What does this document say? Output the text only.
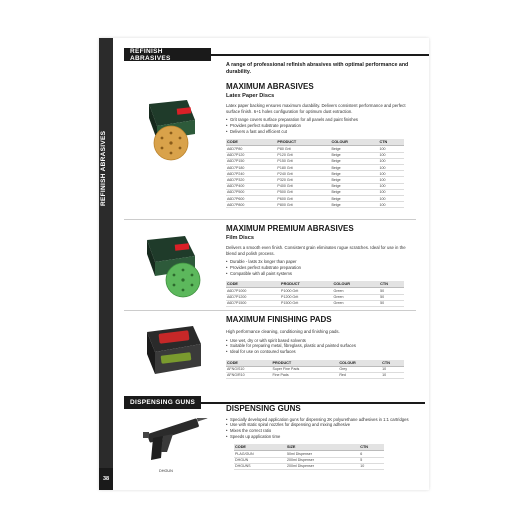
REFINISH ABRASIVES
38
REFINISH ABRASIVES
A range of professional refinish abrasives with optimal performance and durability.
MAXIMUM ABRASIVES
Latex Paper Discs
Latex paper backing ensures maximum durability. Delivers consistent performance and perfect surface finish. 6+1 holes configuration for optimum dust extraction.
• Grit range covers surface preparation for all panels and paint finishes
• Provides perfect substrate preparation
• Delivers a fast and efficient cut
CODE	PRODUCT	COLOUR	CTN
A6D7P80	P80 Grit	Beige	100
A6D7P120	P120 Grit	Beige	100
A6D7P150	P150 Grit	Beige	100
A6D7P180	P180 Grit	Beige	100
A6D7P240	P240 Grit	Beige	100
A6D7P320	P320 Grit	Beige	100
A6D7P400	P400 Grit	Beige	100
A6D7P500	P500 Grit	Beige	100
A6D7P600	P600 Grit	Beige	100
A6D7P800	P800 Grit	Beige	100
MAXIMUM PREMIUM ABRASIVES
Film Discs
Delivers a smooth even finish. Consistent grain eliminates rogue scratches. Ideal for use in the blend and polish process.
• Durable - lasts 3x longer than paper
• Provides perfect substrate preparation
• Compatible with all paint systems
CODE	PRODUCT	COLOUR	CTN
A6D7P1000	P1000 Grit	Green	50
A6D7P1200	P1200 Grit	Green	50
A6D7P1500	P1500 Grit	Green	50
MAXIMUM FINISHING PADS
High performance cleaning, conditioning and finishing pads.
• Use wet, dry or with spirit based solvents
• Suitable for preparing metal, fibreglass, plastic and painted surfaces
• Ideal for use on contoured surfaces
CODE	PRODUCT	COLOUR	CTN
AFNG/S10	Super Fine Pads	Grey	10
AFNG/R10	Fine Pads	Red	10
DISPENSING GUNS
DHGUN
DISPENSING GUNS
• Specially developed application guns for dispensing 2K polyurethane adhesives in 1:1 cartridges
• Use with static spiral nozzles for dispensing and mixing adhesive
• Mixes the correct ratio
• Speeds up application time
CODE	SIZE	CTN
PLAG/GUN	50ml Dispenser	6
DHGUN	200ml Dispenser	5
DHGUNS	200ml Dispenser	10
